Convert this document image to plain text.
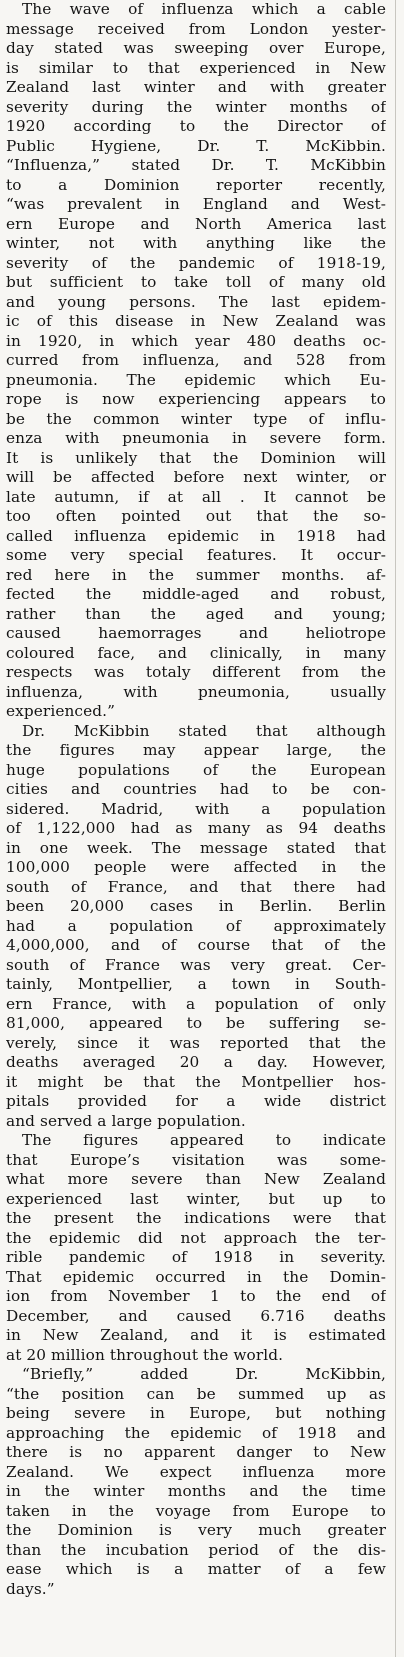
The wave of influenza which a cable
message received from London yester-
day stated was sweeping over Europe,
is similar to that experienced in New
Zealand last winter and with greater
severity during the winter months of
1920 according to the Director of
Public Hygiene, Dr. T. McKibbin.
“Influenza,” stated Dr. T. McKibbin
to a Dominion reporter recently,
“was prevalent in England and West-
ern Europe and North America last
winter, not with anything like the
severity of the pandemic of 1918-19,
but sufficient to take toll of many old
and young persons. The last epidem-
ic of this disease in New Zealand was
in 1920, in which year 480 deaths oc-
curred from influenza, and 528 from
pneumonia. The epidemic which Eu-
rope is now experiencing appears to
be the common winter type of influ-
enza with pneumonia in severe form.
It is unlikely that the Dominion will
will be affected before next winter, or
late autumn, if at all . It cannot be
too often pointed out that the so-
called influenza epidemic in 1918 had
some very special features. It occur-
red here in the summer months. af-
fected the middle-aged and robust,
rather than the aged and young;
caused haemorrages and heliotrope
coloured face, and clinically, in many
respects was totaly different from the
influenza, with pneumonia, usually
experienced.”
Dr. McKibbin stated that although
the figures may appear large, the
huge populations of the European
cities and countries had to be con-
sidered. Madrid, with a population
of 1,122,000 had as many as 94 deaths
in one week. The message stated that
100,000 people were affected in the
south of France, and that there had
been 20,000 cases in Berlin. Berlin
had a population of approximately
4,000,000, and of course that of the
south of France was very great. Cer-
tainly, Montpellier, a town in South-
ern France, with a population of only
81,000, appeared to be suffering se-
verely, since it was reported that the
deaths averaged 20 a day. However,
it might be that the Montpellier hos-
pitals provided for a wide district
and served a large population.
The figures appeared to indicate
that Europe’s visitation was some-
what more severe than New Zealand
experienced last winter, but up to
the present the indications were that
the epidemic did not approach the ter-
rible pandemic of 1918 in severity.
That epidemic occurred in the Domin-
ion from November 1 to the end of
December, and caused 6.716 deaths
in New Zealand, and it is estimated
at 20 million throughout the world.
“Briefly,” added Dr. McKibbin,
“the position can be summed up as
being severe in Europe, but nothing
approaching the epidemic of 1918 and
there is no apparent danger to New
Zealand. We expect influenza more
in the winter months and the time
taken in the voyage from Europe to
the Dominion is very much greater
than the incubation period of the dis-
ease which is a matter of a few
days.”
